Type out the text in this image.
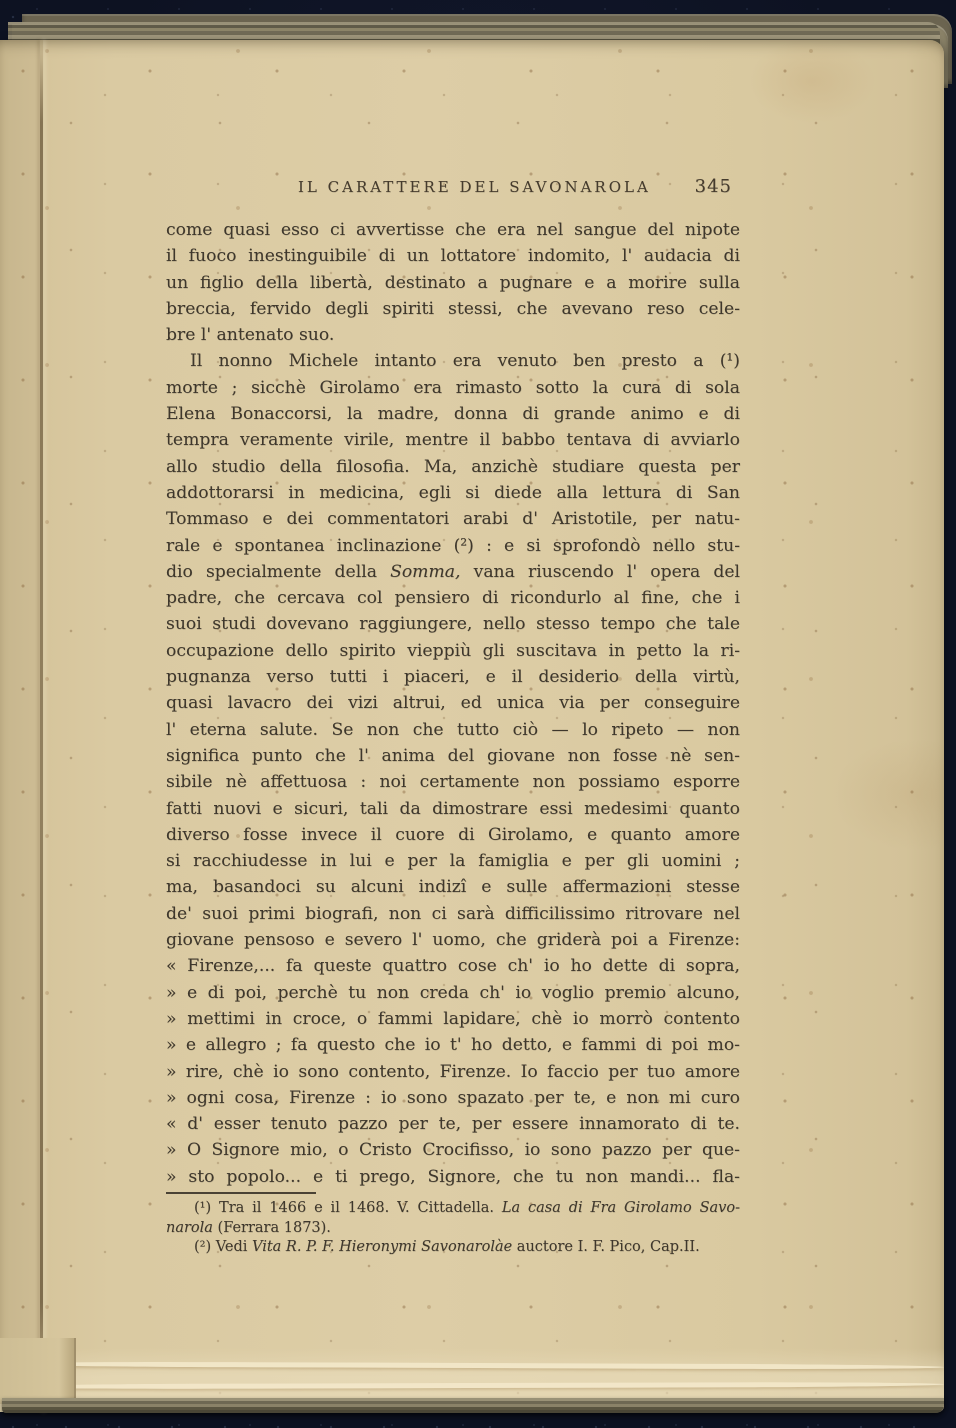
IL CARATTERE DEL SAVONAROLA 345
come quasi esso ci avvertisse che era nel sangue del nipote
il fuoco inestinguibile di un lottatore indomito, l' audacia di
un figlio della libertà, destinato a pugnare e a morire sulla
breccia, fervido degli spiriti stessi, che avevano reso cele-
bre l' antenato suo.
Il nonno Michele intanto era venuto ben presto a (¹)
morte ; sicchè Girolamo era rimasto sotto la cura di sola
Elena Bonaccorsi, la madre, donna di grande animo e di
tempra veramente virile, mentre il babbo tentava di avviarlo
allo studio della filosofia. Ma, anzichè studiare questa per
addottorarsi in medicina, egli si diede alla lettura di San
Tommaso e dei commentatori arabi d' Aristotile, per natu-
rale e spontanea inclinazione (²) : e si sprofondò nello stu-
dio specialmente della Somma, vana riuscendo l' opera del
padre, che cercava col pensiero di ricondurlo al fine, che i
suoi studi dovevano raggiungere, nello stesso tempo che tale
occupazione dello spirito vieppiù gli suscitava in petto la ri-
pugnanza verso tutti i piaceri, e il desiderio della virtù,
quasi lavacro dei vizi altrui, ed unica via per conseguire
l' eterna salute. Se non che tutto ciò — lo ripeto — non
significa punto che l' anima del giovane non fosse nè sen-
sibile nè affettuosa : noi certamente non possiamo esporre
fatti nuovi e sicuri, tali da dimostrare essi medesimi quanto
diverso fosse invece il cuore di Girolamo, e quanto amore
si racchiudesse in lui e per la famiglia e per gli uomini ;
ma, basandoci su alcuni indizî e sulle affermazioni stesse
de' suoi primi biografi, non ci sarà difficilissimo ritrovare nel
giovane pensoso e severo l' uomo, che griderà poi a Firenze:
« Firenze,... fa queste quattro cose ch' io ho dette di sopra,
» e di poi, perchè tu non creda ch' io voglio premio alcuno,
» mettimi in croce, o fammi lapidare, chè io morrò contento
» e allegro ; fa questo che io t' ho detto, e fammi di poi mo-
» rire, chè io sono contento, Firenze. Io faccio per tuo amore
» ogni cosa, Firenze : io sono spazato per te, e non mi curo
« d' esser tenuto pazzo per te, per essere innamorato di te.
» O Signore mio, o Cristo Crocifisso, io sono pazzo per que-
» sto popolo... e ti prego, Signore, che tu non mandi... fla-
(¹) Tra il 1466 e il 1468. V. Cittadella. La casa di Fra Girolamo Savo-
narola (Ferrara 1873).
(²) Vedi Vita R. P. F. Hieronymi Savonarolàe auctore I. F. Pico, Cap.II.
